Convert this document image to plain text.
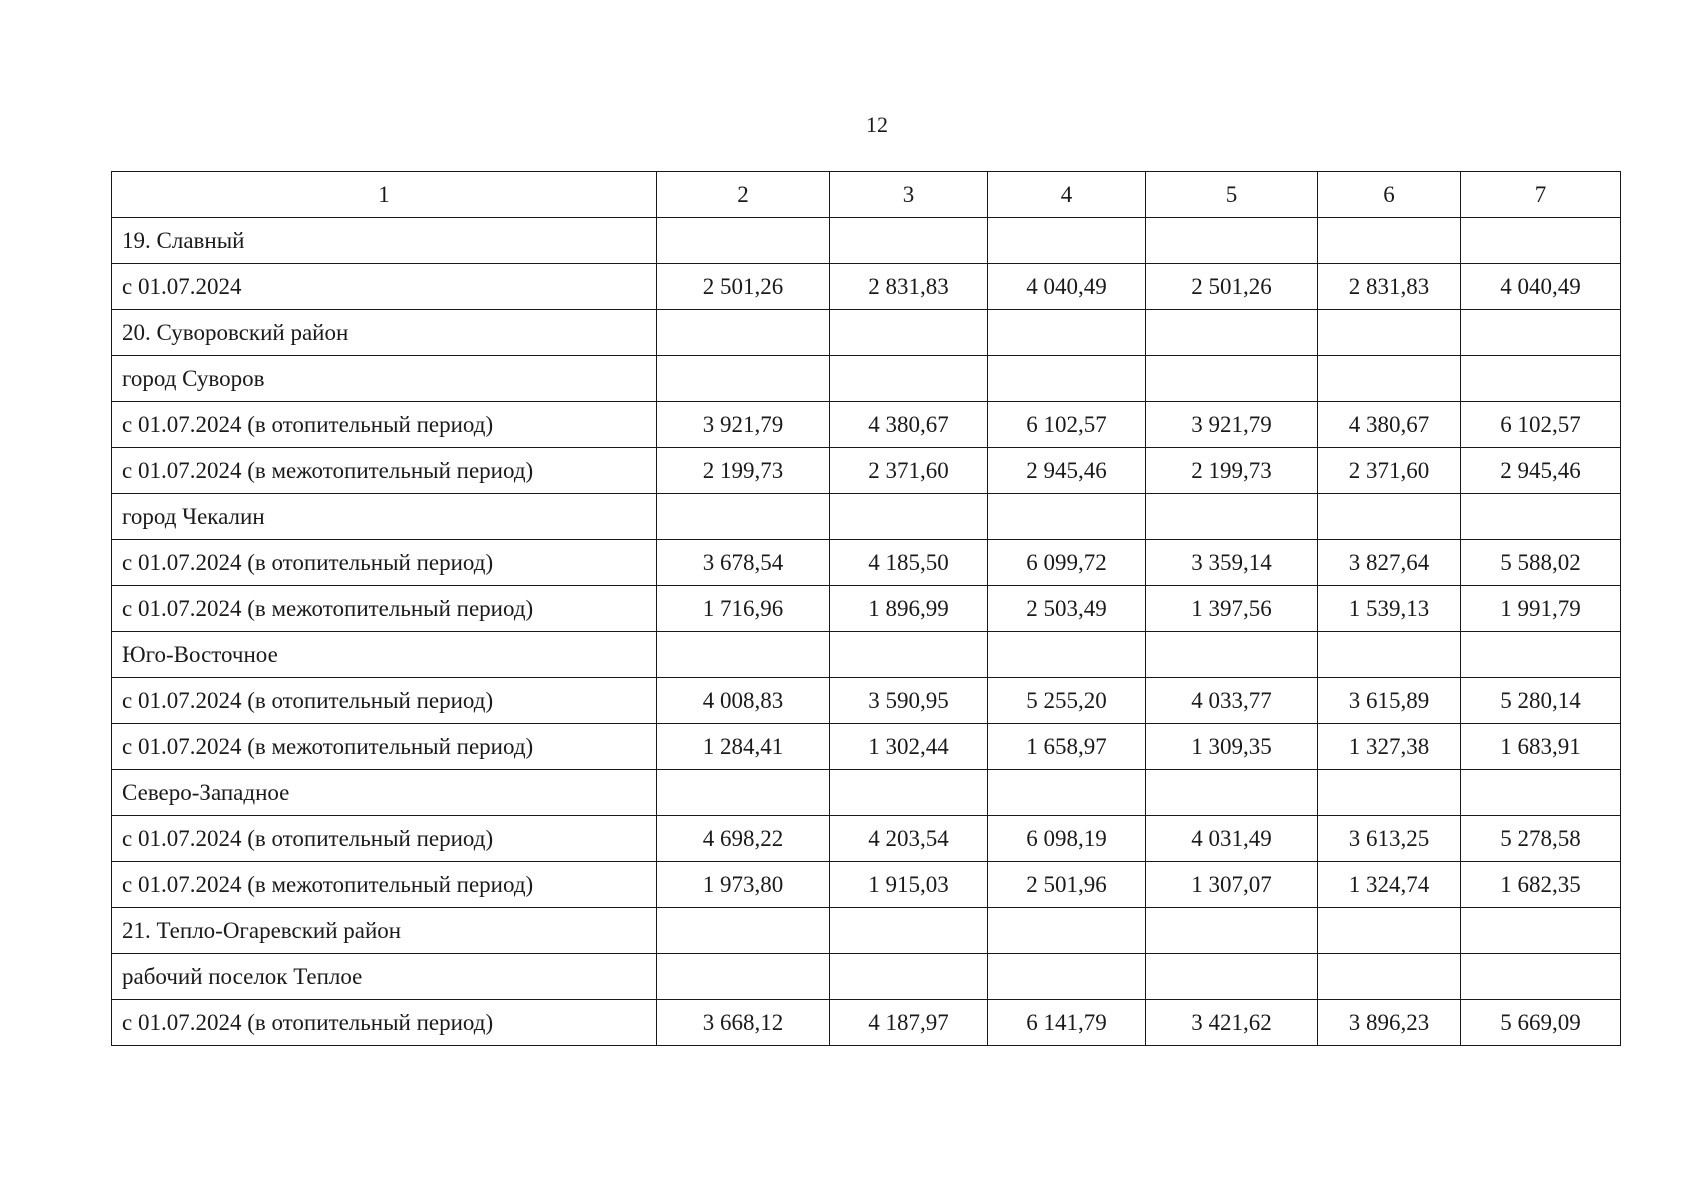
12
1	2	3	4	5	6	7
19. Славный						
с 01.07.2024	2 501,26	2 831,83	4 040,49	2 501,26	2 831,83	4 040,49
20. Суворовский район						
город Суворов						
с 01.07.2024 (в отопительный период)	3 921,79	4 380,67	6 102,57	3 921,79	4 380,67	6 102,57
с 01.07.2024 (в межотопительный период)	2 199,73	2 371,60	2 945,46	2 199,73	2 371,60	2 945,46
город Чекалин						
с 01.07.2024 (в отопительный период)	3 678,54	4 185,50	6 099,72	3 359,14	3 827,64	5 588,02
с 01.07.2024 (в межотопительный период)	1 716,96	1 896,99	2 503,49	1 397,56	1 539,13	1 991,79
Юго-Восточное						
с 01.07.2024 (в отопительный период)	4 008,83	3 590,95	5 255,20	4 033,77	3 615,89	5 280,14
с 01.07.2024 (в межотопительный период)	1 284,41	1 302,44	1 658,97	1 309,35	1 327,38	1 683,91
Северо-Западное						
с 01.07.2024 (в отопительный период)	4 698,22	4 203,54	6 098,19	4 031,49	3 613,25	5 278,58
с 01.07.2024 (в межотопительный период)	1 973,80	1 915,03	2 501,96	1 307,07	1 324,74	1 682,35
21. Тепло-Огаревский район						
рабочий поселок Теплое						
с 01.07.2024 (в отопительный период)	3 668,12	4 187,97	6 141,79	3 421,62	3 896,23	5 669,09
